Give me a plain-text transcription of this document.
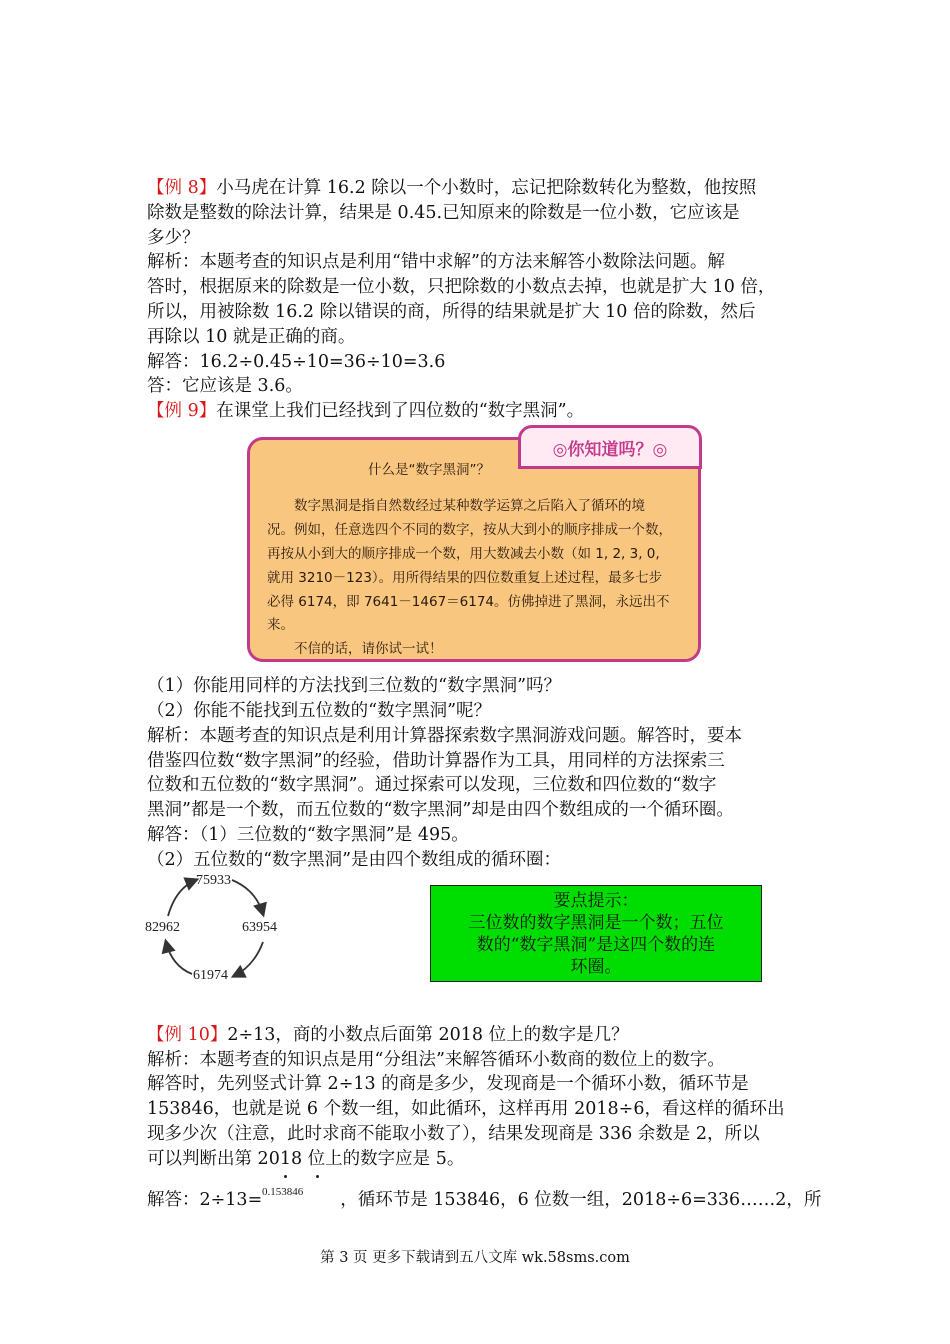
【例 8】小马虎在计算 16.2 除以一个小数时，忘记把除数转化为整数，他按照
除数是整数的除法计算，结果是 0.45.已知原来的除数是一位小数，它应该是
多少？
解析：本题考查的知识点是利用“错中求解”的方法来解答小数除法问题。解
答时，根据原来的除数是一位小数，只把除数的小数点去掉，也就是扩大 10 倍，
所以，用被除数 16.2 除以错误的商，所得的结果就是扩大 10 倍的除数，然后
再除以 10 就是正确的商。
解答：16.2÷0.45÷10=36÷10=3.6
答：它应该是 3.6。
【例 9】在课堂上我们已经找到了四位数的“数字黑洞”。
◎你知道吗？◎
什么是“数字黑洞”？
数字黑洞是指自然数经过某种数学运算之后陷入了循环的境
况。例如，任意选四个不同的数字，按从大到小的顺序排成一个数，
再按从小到大的顺序排成一个数，用大数减去小数（如 1, 2, 3, 0,
就用 3210－123）。用所得结果的四位数重复上述过程，最多七步
必得 6174，即 7641－1467＝6174。仿佛掉进了黑洞，永远出不
来。
不信的话，请你试一试！
（1）你能用同样的方法找到三位数的“数字黑洞”吗？
（2）你能不能找到五位数的“数字黑洞”呢？
解析：本题考查的知识点是利用计算器探索数字黑洞游戏问题。解答时，要本
借鉴四位数“数字黑洞”的经验，借助计算器作为工具，用同样的方法探索三
位数和五位数的“数字黑洞”。通过探索可以发现，三位数和四位数的“数字
黑洞”都是一个数，而五位数的“数字黑洞”却是由四个数组成的一个循环圈。
解答：（1）三位数的“数字黑洞”是 495。
（2）五位数的“数字黑洞”是由四个数组成的循环圈：
75933
63954
61974
82962
要点提示：
三位数的数字黑洞是一个数；五位
数的“数字黑洞”是这四个数的连
环圈。
【例 10】2÷13，商的小数点后面第 2018 位上的数字是几？
解析：本题考查的知识点是用“分组法”来解答循环小数商的数位上的数字。
解答时，先列竖式计算 2÷13 的商是多少，发现商是一个循环小数，循环节是
153846，也就是说 6 个数一组，如此循环，这样再用 2018÷6，看这样的循环出
现多少次（注意，此时求商不能取小数了），结果发现商是 336 余数是 2，所以
可以判断出第 2018 位上的数字应是 5。
解答：2÷13=	，循环节是 153846，6 位数一组，2018÷6=336……2，所
0.153846
第 3 页 更多下载请到五八文库 wk.58sms.com
